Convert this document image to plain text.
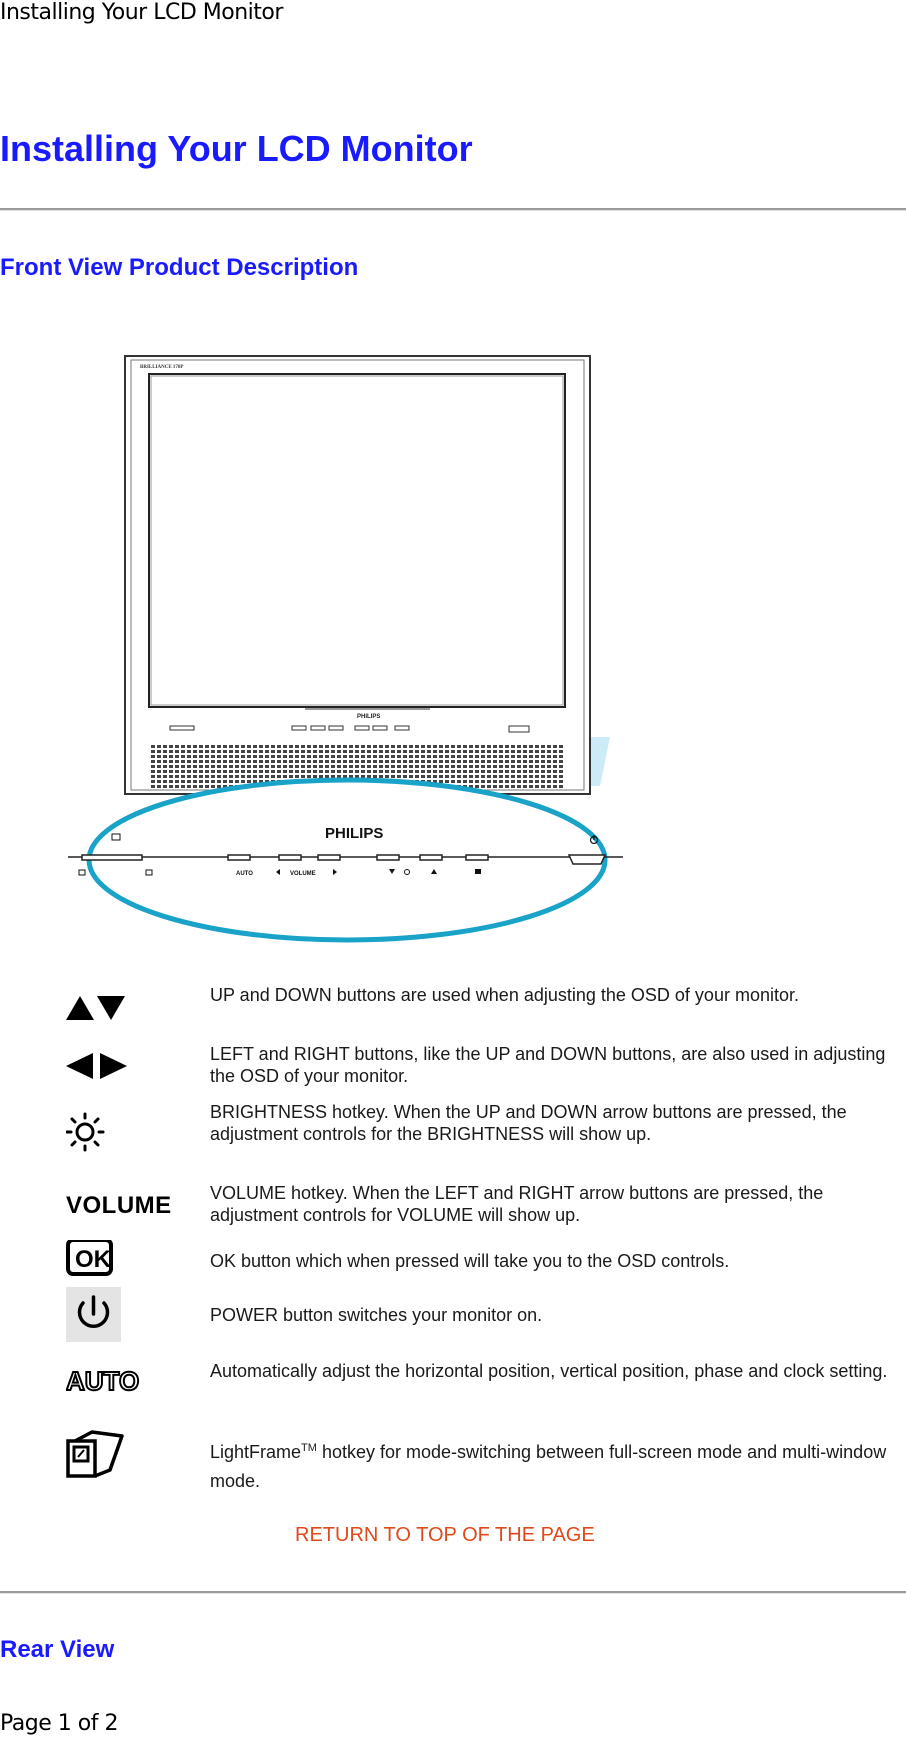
Installing Your LCD Monitor
Installing Your LCD Monitor
Front View Product Description
BRILLIANCE 170P
PHILIPS
PHILIPS
AUTO	VOLUME
UP and DOWN buttons are used when adjusting the OSD of your monitor.
LEFT and RIGHT buttons, like the UP and DOWN buttons, are also used in adjusting the OSD of your monitor.
BRIGHTNESS hotkey. When the UP and DOWN arrow buttons are pressed, the adjustment controls for the BRIGHTNESS will show up.
VOLUME	VOLUME hotkey. When the LEFT and RIGHT arrow buttons are pressed, the adjustment controls for VOLUME will show up.
OK	OK button which when pressed will take you to the OSD controls.
POWER button switches your monitor on.
AUTO	Automatically adjust the horizontal position, vertical position, phase and clock setting.
LightFrame™ hotkey for mode-switching between full-screen mode and multi-window mode.
RETURN TO TOP OF THE PAGE
Rear View
Page 1 of 2
